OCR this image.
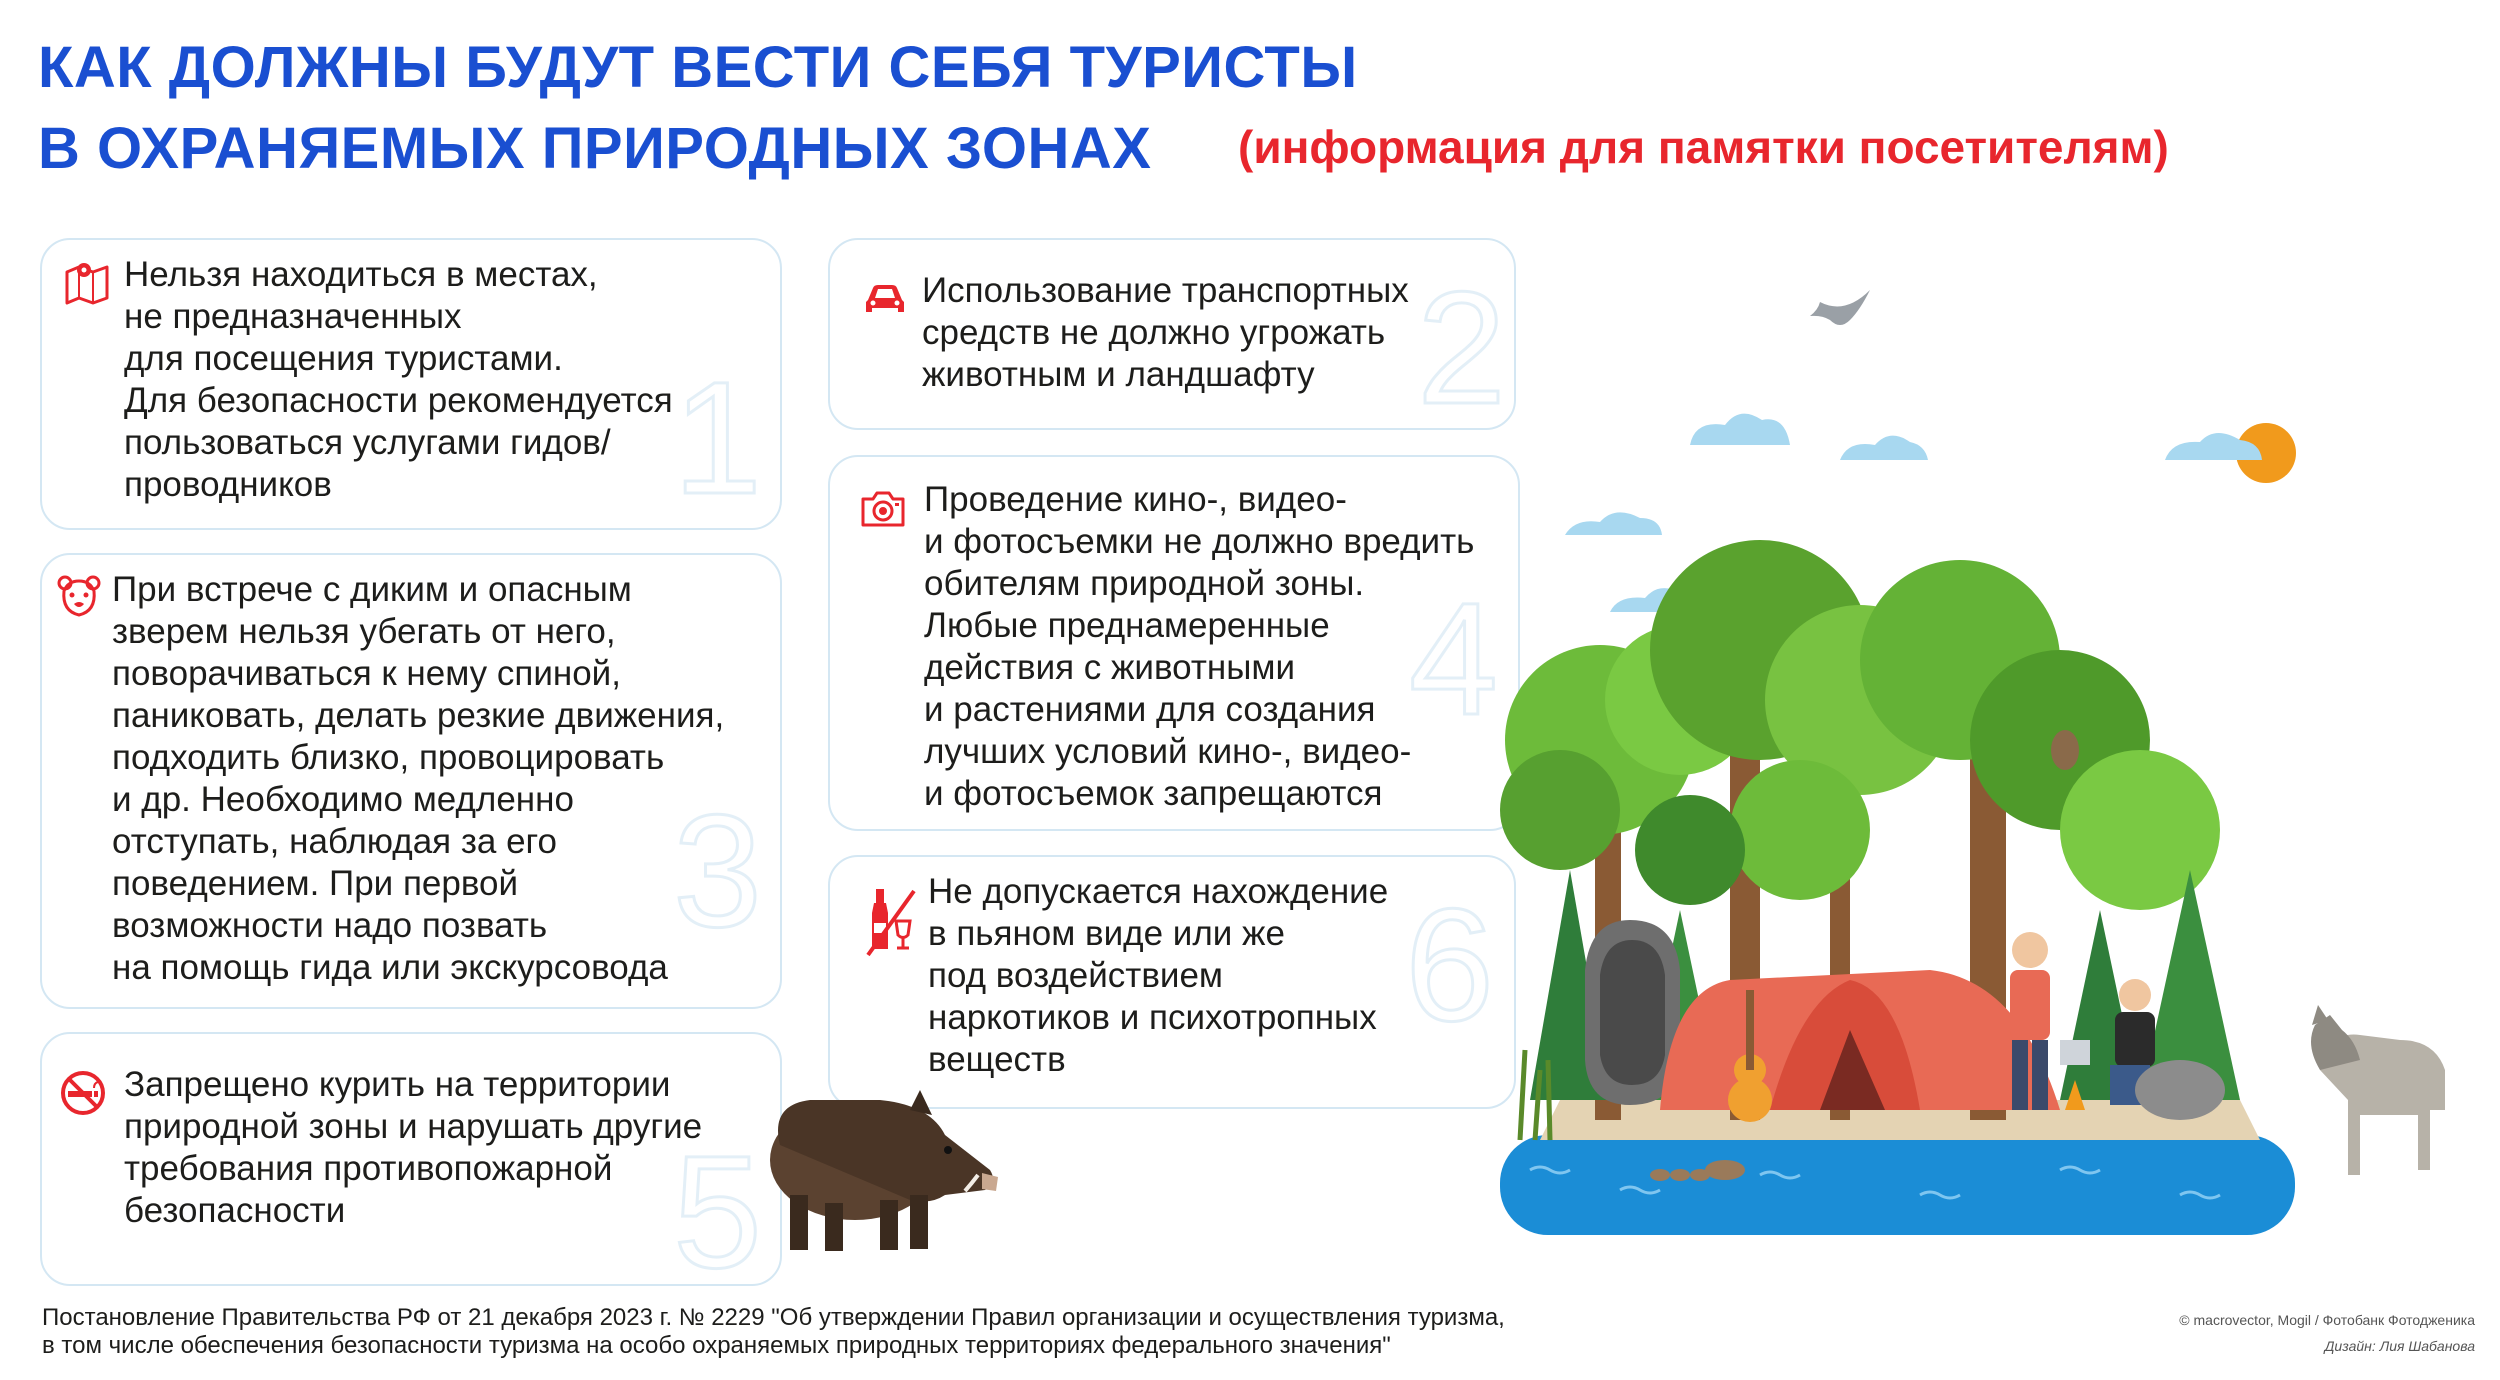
КАК ДОЛЖНЫ БУДУТ ВЕСТИ СЕБЯ ТУРИСТЫ
В ОХРАНЯЕМЫХ ПРИРОДНЫХ ЗОНАХ (информация для памятки посетителям)
1
Нельзя находиться в местах,
не предназначенных
для посещения туристами.
Для безопасности рекомендуется
пользоваться услугами гидов/
проводников
2
Использование транспортных
средств не должно угрожать
животным и ландшафту
3
При встрече с диким и опасным
зверем нельзя убегать от него,
поворачиваться к нему спиной,
паниковать, делать резкие движения,
подходить близко, провоцировать
и др. Необходимо медленно
отступать, наблюдая за его
поведением. При первой
возможности надо позвать
на помощь гида или экскурсовода
4
Проведение кино-, видео-
и фотосъемки не должно вредить
обителям природной зоны.
Любые преднамеренные
действия с животными
и растениями для создания
лучших условий кино-, видео-
и фотосъемок запрещаются
5
Запрещено курить на территории
природной зоны и нарушать другие
требования противопожарной
безопасности
6
Не допускается нахождение
в пьяном виде или же
под воздействием
наркотиков и психотропных
веществ
Постановление Правительства РФ от 21 декабря 2023 г. № 2229 "Об утверждении Правил организации и осуществления туризма,
в том числе обеспечения безопасности туризма на особо охраняемых природных территориях федерального значения"
© macrovector, Mogil / Фотобанк Фотодженика
Дизайн: Лия Шабанова
